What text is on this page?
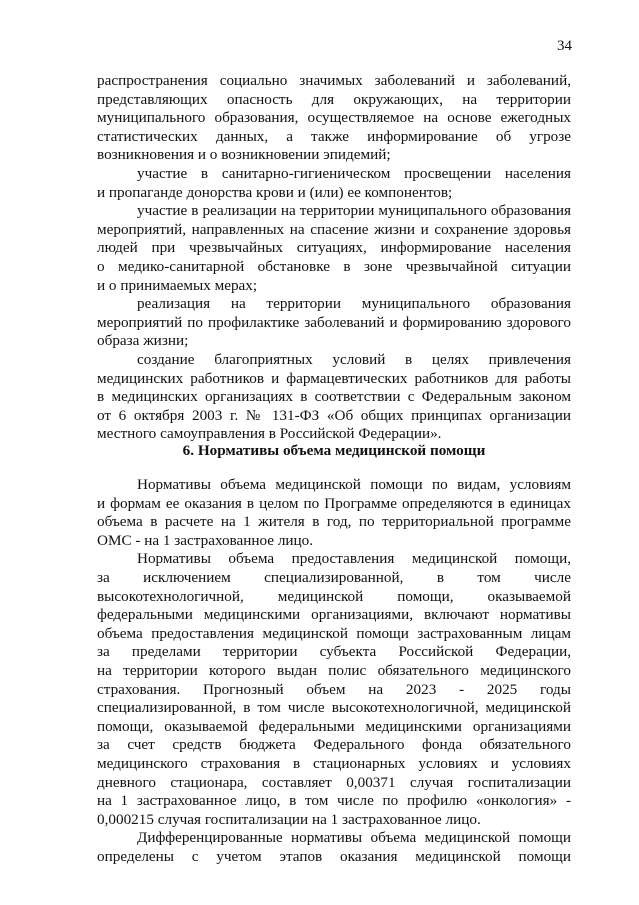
34
распространения социально значимых заболеваний и заболеваний,
представляющих опасность для окружающих, на территории
муниципального образования, осуществляемое на основе ежегодных
статистических данных, а также информирование об угрозе
возникновения и о возникновении эпидемий;
участие в санитарно-гигиеническом просвещении населения
и пропаганде донорства крови и (или) ее компонентов;
участие в реализации на территории муниципального образования
мероприятий, направленных на спасение жизни и сохранение здоровья
людей при чрезвычайных ситуациях, информирование населения
о медико-санитарной обстановке в зоне чрезвычайной ситуации
и о принимаемых мерах;
реализация на территории муниципального образования
мероприятий по профилактике заболеваний и формированию здорового
образа жизни;
создание благоприятных условий в целях привлечения
медицинских работников и фармацевтических работников для работы
в медицинских организациях в соответствии с Федеральным законом
от 6 октября 2003 г. № 131-ФЗ «Об общих принципах организации
местного самоуправления в Российской Федерации».
6. Нормативы объема медицинской помощи
Нормативы объема медицинской помощи по видам, условиям
и формам ее оказания в целом по Программе определяются в единицах
объема в расчете на 1 жителя в год, по территориальной программе
ОМС - на 1 застрахованное лицо.
Нормативы объема предоставления медицинской помощи,
за исключением специализированной, в том числе
высокотехнологичной, медицинской помощи, оказываемой
федеральными медицинскими организациями, включают нормативы
объема предоставления медицинской помощи застрахованным лицам
за пределами территории субъекта Российской Федерации,
на территории которого выдан полис обязательного медицинского
страхования. Прогнозный объем на 2023 - 2025 годы
специализированной, в том числе высокотехнологичной, медицинской
помощи, оказываемой федеральными медицинскими организациями
за счет средств бюджета Федерального фонда обязательного
медицинского страхования в стационарных условиях и условиях
дневного стационара, составляет 0,00371 случая госпитализации
на 1 застрахованное лицо, в том числе по профилю «онкология» -
0,000215 случая госпитализации на 1 застрахованное лицо.
Дифференцированные нормативы объема медицинской помощи
определены с учетом этапов оказания медицинской помощи
